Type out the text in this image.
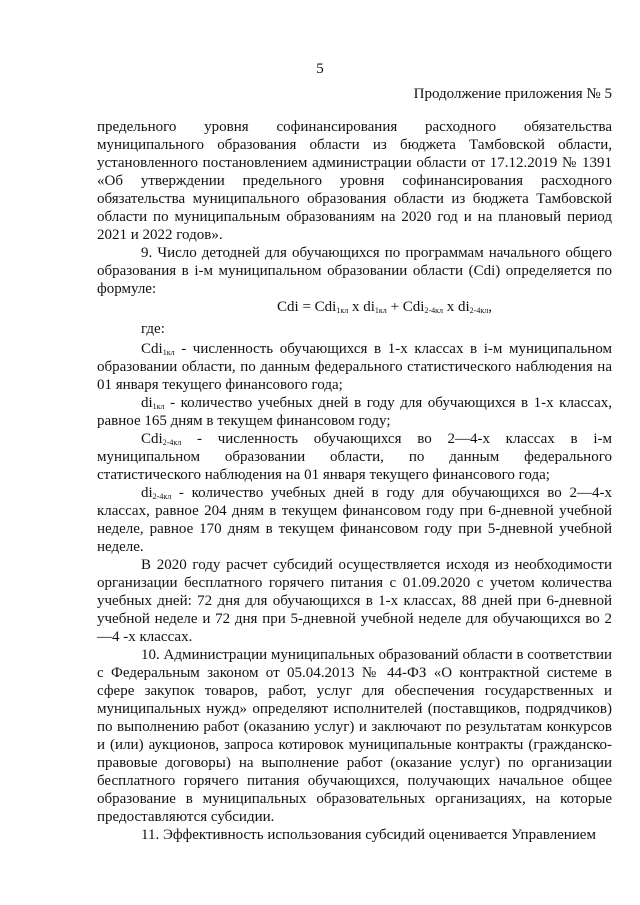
5
Продолжение приложения № 5

предельного уровня софинансирования расходного обязательства муниципального образования области из бюджета Тамбовской области, установленного постановлением администрации области от 17.12.2019 № 1391 «Об утверждении предельного уровня софинансирования расходного обязательства муниципального образования области из бюджета Тамбовской области по муниципальным образованиям на 2020 год и на плановый период 2021 и 2022 годов».

9. Число детодней для обучающихся по программам начального общего образования в i-м муниципальном образовании области (Cdi) определяется по формуле:

Cdi = Cdi$_{1кл}$ x $di_{1кл} + Cdi_{2-4кл}$ x $di_{2-4кл}$,

где:

Cdi$_{1кл}$ - численность обучающихся в 1-х классах в i-м муниципальном образовании области, по данным федерального статистического наблюдения на 01 января текущего финансового года;

$di_{1кл}$ - количество учебных дней в году для обучающихся в 1-х классах, равное 165 дням в текущем финансовом году;

Cdi$_{2-4кл}$ - численность обучающихся во 2—4-х классах в i-м муниципальном образовании области, по данным федерального статистического наблюдения на 01 января текущего финансового года;

$di_{2-4кл}$ - количество учебных дней в году для обучающихся во 2—4-х классах, равное 204 дням в текущем финансовом году при 6-дневной учебной неделе, равное 170 дням в текущем финансовом году при 5-дневной учебной неделе.

В 2020 году расчет субсидий осуществляется исходя из необходимости организации бесплатного горячего питания с 01.09.2020 с учетом количества учебных дней: 72 дня для обучающихся в 1-х классах, 88 дней при 6-дневной учебной неделе и 72 дня при 5-дневной учебной неделе для обучающихся во 2—4 -х классах.

10. Администрации муниципальных образований области в соответствии с Федеральным законом от 05.04.2013 № 44-ФЗ «О контрактной системе в сфере закупок товаров, работ, услуг для обеспечения государственных и муниципальных нужд» определяют исполнителей (поставщиков, подрядчиков) по выполнению работ (оказанию услуг) и заключают по результатам конкурсов и (или) аукционов, запроса котировок муниципальные контракты (гражданско-правовые договоры) на выполнение работ (оказание услуг) по организации бесплатного горячего питания обучающихся, получающих начальное общее образование в муниципальных образовательных организациях, на которые предоставляются субсидии.

11. Эффективность использования субсидий оценивается Управлением
